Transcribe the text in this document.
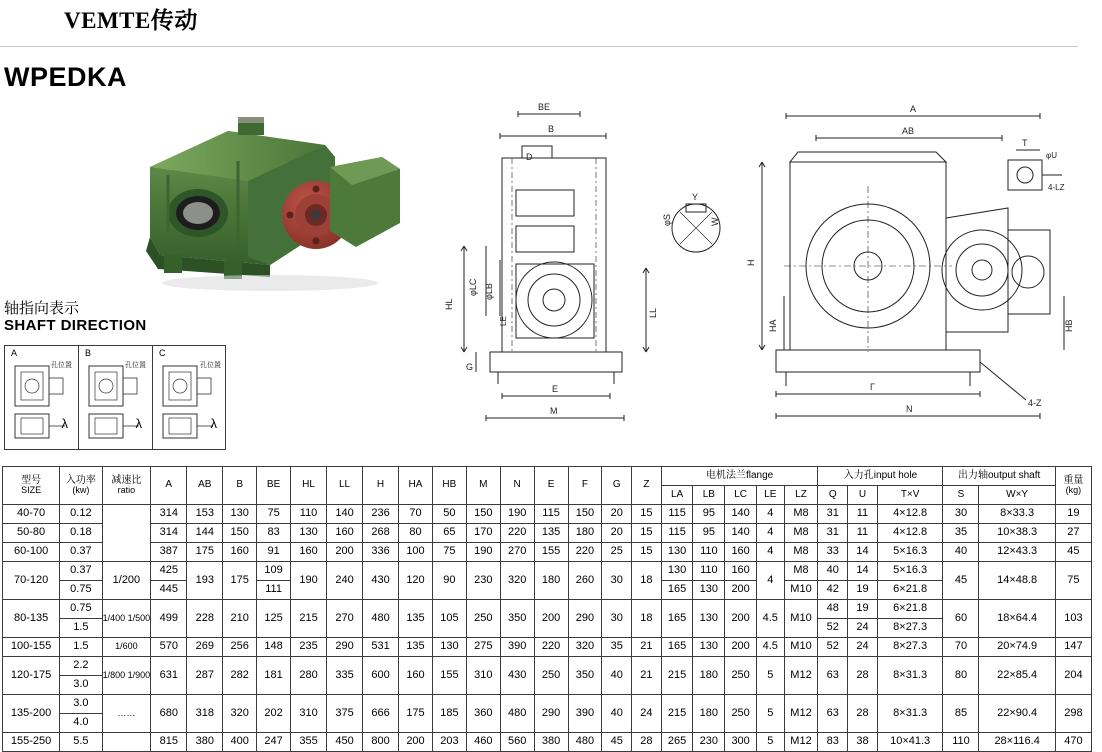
VEMTE传动
WPEDKA
轴指向表示
SHAFT DIRECTION
A
孔位置
λ
B
孔位置
λ
C
孔位置
λ
BE
B
HL
φLC φLB
LE
D
LL
G
E
M
φS
Y
W
A
AB
T
φU
4-LZ
H
HA	HB
Γ
N
4-Z
型号
SIZE

入功率
(kw)

减速比
ratio	A	AB	B	BE	HL	LL	H	HA	HB	M	N	E	F	G	Z	电机法兰flange	入力孔input hole	出力轴output shaft	重量
(kg)

																		LA	LB	LC	LE	LZ	Q	U	T×V	S	W×Y	
40-70	0.12		314	153	130	75	110	140	236	70	50	150	190	115	150	20	15	115	95	140	4	M8	31	11	4×12.8	30	8×33.3	19
50-80	0.18		314	144	150	83	130	160	268	80	65	170	220	135	180	20	15	115	95	140	4	M8	31	11	4×12.8	35	10×38.3	27
60-100	0.37		387	175	160	91	160	200	336	100	75	190	270	155	220	25	15	130	110	160	4	M8	33	14	5×16.3	40	12×43.3	45
70-120	0.37	1/200	425	193	175	109	190	240	430	120	90	230	320	180	260	30	18	130	110	160	4	M8	40	14	5×16.3	45	14×48.8	75
	0.75		445			111												165	130	200		M10	42	19	6×21.8			
80-135	0.75	1/400 1/500	499	228	210	125	215	270	480	135	105	250	350	200	290	30	18	165	130	200	4.5	M10	48	19	6×21.8	60	18×64.4	103
	1.5																						52	24	8×27.3			
100-155	1.5	1/600	570	269	256	148	235	290	531	135	130	275	390	220	320	35	21	165	130	200	4.5	M10	52	24	8×27.3	70	20×74.9	147
120-175	2.2	1/800 1/900	631	287	282	181	280	335	600	160	155	310	430	250	350	40	21	215	180	250	5	M12	63	28	8×31.3	80	22×85.4	204
	3.0																											
135-200	3.0	……	680	318	320	202	310	375	666	175	185	360	480	290	390	40	24	215	180	250	5	M12	63	28	8×31.3	85	22×90.4	298
	4.0																											
155-250	5.5		815	380	400	247	355	450	800	200	203	460	560	380	480	45	28	265	230	300	5	M12	83	38	10×41.3	110	28×116.4	470
